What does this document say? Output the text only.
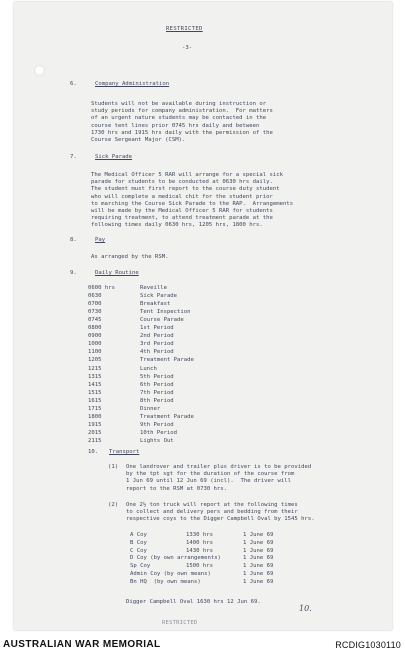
RESTRICTED
-3-
6.	Company Administration
Students will not be available during instruction or
study periods for company administration.  For matters
of an urgent nature students may be contacted in the
course tent lines prior 0745 hrs daily and between
1730 hrs and 1915 hrs daily with the permission of the
Course Sergeant Major (CSM).
7.	Sick Parade
The Medical Officer 5 RAR will arrange for a special sick
parade for students to be conducted at 0630 hrs daily.
The student must first report to the course duty student
who will complete a medical chit for the student prior
to marching the Course Sick Parade to the RAP.  Arrangements
will be made by the Medical Officer 5 RAR for students
requiring treatment, to attend treatment parade at the
following times daily 0630 hrs, 1205 hrs, 1800 hrs.
8.	Pay
As arranged by the RSM.
9.	Daily Routine
0600 hrs	Reveille
0630	Sick Parade
0700	Breakfast
0730	Tent Inspection
0745	Course Parade
0800	1st Period
0900	2nd Period
1000	3rd Period
1100	4th Period
1205	Treatment Parade
1215	Lunch
1315	5th Period
1415	6th Period
1515	7th Period
1615	8th Period
1715	Dinner
1800	Treatment Parade
1915	9th Period
2015	10th Period
2115	Lights Out
10. Transport
(1) One landrover and trailer plus driver is to be provided
by the tpt sgt for the duration of the course from
1 Jun 69 until 12 Jun 69 (incl).  The driver will
report to the RSM at 0730 hrs.
(2) One 2½ ton truck will report at the following times
to collect and delivery pers and bedding from their
respective coys to the Digger Campbell Oval by 1545 hrs.
A Coy	1330 hrs	1 June 69
B Coy	1400 hrs	1 June 69
C Coy	1430 hrs	1 June 69
D Coy (by own arrangements)	1 June 69
Sp Coy	1500 hrs	1 June 69
Admin Coy (by own means)	1 June 69
Bn HQ  (by own means)	1 June 69
Digger Campbell Oval 1630 hrs 12 Jun 69.
10.
RESTRICTED
AUSTRALIAN WAR MEMORIAL	RCDIG1030110
